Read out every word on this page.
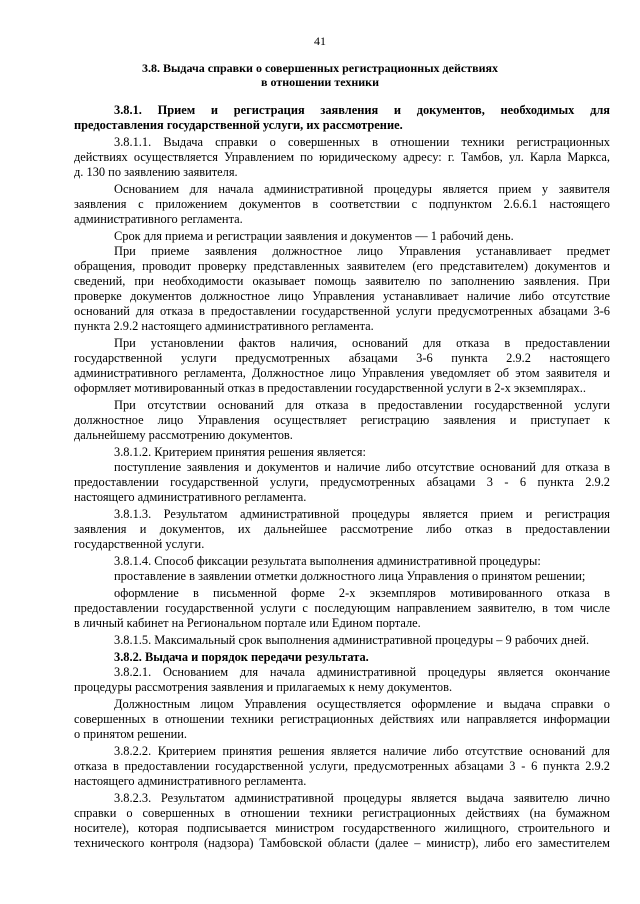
41
3.8. Выдача справки о совершенных регистрационных действиях
в отношении техники
3.8.1. Прием и регистрация заявления и документов, необходимых для
предоставления государственной услуги, их рассмотрение.
3.8.1.1. Выдача справки о совершенных в отношении техники регистрационных
действиях осуществляется Управлением по юридическому адресу: г. Тамбов, ул. Карла Маркса,
д. 130 по заявлению заявителя.
Основанием для начала административной процедуры является прием у заявителя
заявления с приложением документов в соответствии с подпунктом 2.6.6.1 настоящего
административного регламента.
Срок для приема и регистрации заявления и документов — 1 рабочий день.
При приеме заявления должностное лицо Управления устанавливает предмет
обращения, проводит проверку представленных заявителем (его представителем) документов и
сведений, при необходимости оказывает помощь заявителю по заполнению заявления. При
проверке документов должностное лицо Управления устанавливает наличие либо отсутствие
оснований для отказа в предоставлении государственной услуги предусмотренных абзацами 3-6
пункта 2.9.2 настоящего административного регламента.
При установлении фактов наличия, оснований для отказа в предоставлении
государственной услуги предусмотренных абзацами 3-6 пункта 2.9.2 настоящего
административного регламента, Должностное лицо Управления уведомляет об этом заявителя и
оформляет мотивированный отказ в предоставлении государственной услуги в 2-х экземплярах..
При отсутствии оснований для отказа в предоставлении государственной услуги
должностное лицо Управления осуществляет регистрацию заявления и приступает к
дальнейшему рассмотрению документов.
3.8.1.2. Критерием принятия решения является:
поступление заявления и документов и наличие либо отсутствие оснований для отказа в
предоставлении государственной услуги, предусмотренных абзацами 3 - 6 пункта 2.9.2
настоящего административного регламента.
3.8.1.3. Результатом административной процедуры является прием и регистрация
заявления и документов, их дальнейшее рассмотрение либо отказ в предоставлении
государственной услуги.
3.8.1.4. Способ фиксации результата выполнения административной процедуры:
проставление в заявлении отметки должностного лица Управления о принятом решении;
оформление в письменной форме 2-х экземпляров мотивированного отказа в
предоставлении государственной услуги с последующим направлением заявителю, в том числе
в личный кабинет на Региональном портале или Едином портале.
3.8.1.5. Максимальный срок выполнения административной процедуры – 9 рабочих дней.
3.8.2. Выдача и порядок передачи результата.
3.8.2.1. Основанием для начала административной процедуры является окончание
процедуры рассмотрения заявления и прилагаемых к нему документов.
Должностным лицом Управления осуществляется оформление и выдача справки о
совершенных в отношении техники регистрационных действиях или направляется информации
о принятом решении.
3.8.2.2. Критерием принятия решения является наличие либо отсутствие оснований для
отказа в предоставлении государственной услуги, предусмотренных абзацами 3 - 6 пункта 2.9.2
настоящего административного регламента.
3.8.2.3. Результатом административной процедуры является выдача заявителю лично
справки о совершенных в отношении техники регистрационных действиях (на бумажном
носителе), которая подписывается министром государственного жилищного, строительного и
технического контроля (надзора) Тамбовской области (далее – министр), либо его заместителем
